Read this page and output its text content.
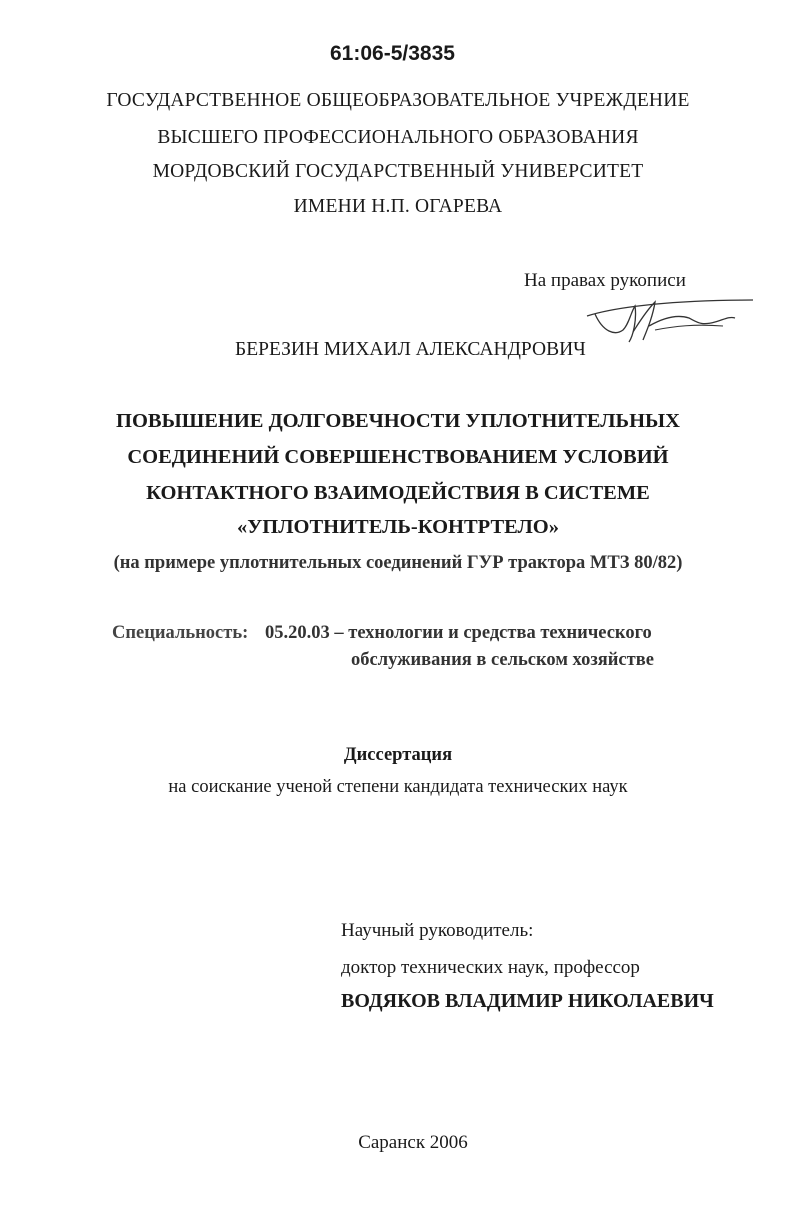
61:06-5/3835
ГОСУДАРСТВЕННОЕ ОБЩЕОБРАЗОВАТЕЛЬНОЕ УЧРЕЖДЕНИЕ
ВЫСШЕГО ПРОФЕССИОНАЛЬНОГО ОБРАЗОВАНИЯ
МОРДОВСКИЙ ГОСУДАРСТВЕННЫЙ УНИВЕРСИТЕТ
ИМЕНИ Н.П. ОГАРЕВА
На правах рукописи
БЕРЕЗИН МИХАИЛ АЛЕКСАНДРОВИЧ
ПОВЫШЕНИЕ ДОЛГОВЕЧНОСТИ УПЛОТНИТЕЛЬНЫХ
СОЕДИНЕНИЙ СОВЕРШЕНСТВОВАНИЕМ УСЛОВИЙ
КОНТАКТНОГО ВЗАИМОДЕЙСТВИЯ В СИСТЕМЕ
«УПЛОТНИТЕЛЬ-КОНТРТЕЛО»
(на примере уплотнительных соединений ГУР трактора МТЗ 80/82)
Специальность: 05.20.03 – технологии и средства технического
обслуживания в сельском хозяйстве
Диссертация
на соискание ученой степени кандидата технических наук
Научный руководитель:
доктор технических наук, профессор
ВОДЯКОВ ВЛАДИМИР НИКОЛАЕВИЧ
Саранск 2006
